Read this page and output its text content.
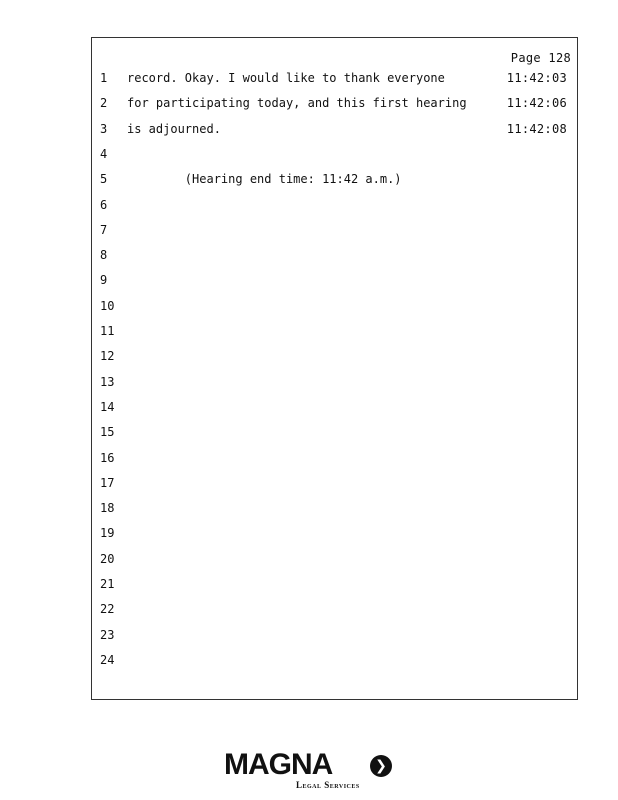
Page 128
1	record. Okay. I would like to thank everyone	11:42:03
2	for participating today, and this first hearing	11:42:06
3	is adjourned.	11:42:08
4
5	(Hearing end time: 11:42 a.m.)
6
7
8
9
10
11
12
13
14
15
16
17
18
19
20
21
22
23
24
MAGNA	❯
Legal Services
